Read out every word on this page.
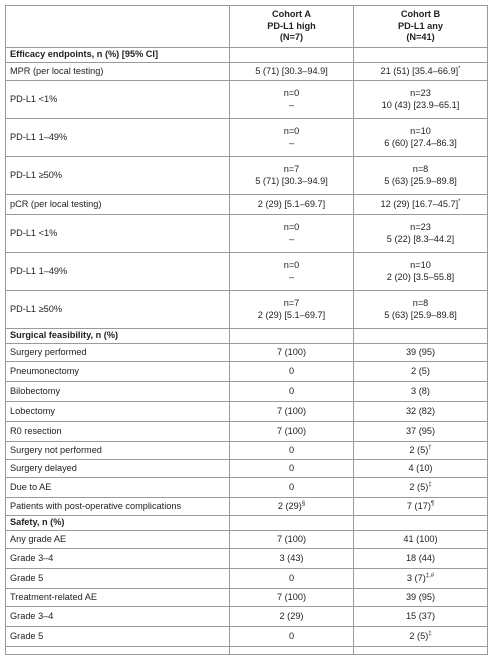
	Cohort A
PD-L1 high
(N=7)	Cohort B
PD-L1 any
(N=41)

Efficacy endpoints, n (%) [95% CI]		
MPR (per local testing)	5 (71) [30.3–94.9]	21 (51) [35.4–66.9]*

PD-L1 <1%	n=0
–	n=23
10 (43) [23.9–65.1]

PD-L1 1–49%	n=0
–	n=10
6 (60) [27.4–86.3]

PD-L1 ≥50%	n=7
5 (71) [30.3–94.9]	n=8
5 (63) [25.9–89.8]

pCR (per local testing)	2 (29) [5.1–69.7]	12 (29) [16.7–45.7]*

PD-L1 <1%	n=0
–	n=23
5 (22) [8.3–44.2]

PD-L1 1–49%	n=0
–	n=10
2 (20) [3.5–55.8]

PD-L1 ≥50%	n=7
2 (29) [5.1–69.7]	n=8
5 (63) [25.9–89.8]

Surgical feasibility, n (%)		
Surgery performed	7 (100)	39 (95)

Pneumonectomy	0	2 (5)

Bilobectomy	0	3 (8)

Lobectomy	7 (100)	32 (82)

R0 resection	7 (100)	37 (95)

Surgery not performed	0	2 (5)†

Surgery delayed	0	4 (10)

Due to AE	0	2 (5)‡

Patients with post-operative complications	2 (29)§	7 (17)¶

Safety, n (%)		
Any grade AE	7 (100)	41 (100)

Grade 3–4	3 (43)	18 (44)

Grade 5	0	3 (7)‡,#

Treatment-related AE	7 (100)	39 (95)

Grade 3–4	2 (29)	15 (37)

Grade 5	0	2 (5)‡
